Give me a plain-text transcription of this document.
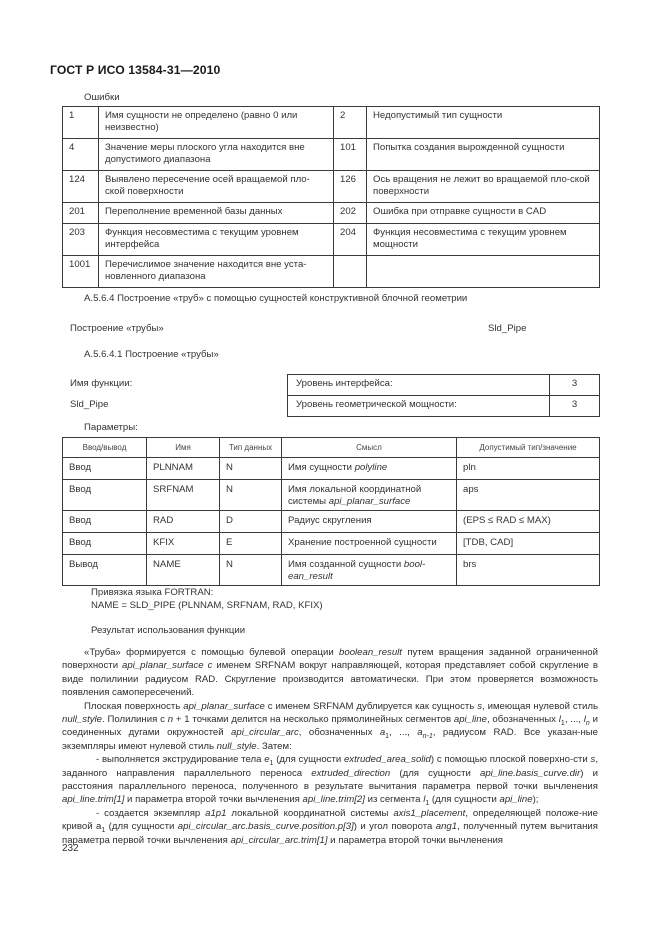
ГОСТ Р ИСО 13584-31—2010
Ошибки
1	Имя сущности не определено (равно 0 или неизвестно)	2	Недопустимый тип сущности
4	Значение меры плоского угла находится вне допустимого диапазона	101	Попытка создания вырожденной сущности
124	Выявлено пересечение осей вращаемой пло-ской поверхности	126	Ось вращения не лежит во вращаемой пло-ской поверхности
201	Переполнение временной базы данных	202	Ошибка при отправке сущности в CAD
203	Функция несовместима с текущим уровнем интерфейса	204	Функция несовместима с текущим уровнем мощности
1001	Перечислимое значение находится вне уста-новленного диапазона		
А.5.6.4 Построение «труб» с помощью сущностей конструктивной блочной геометрии
Построение «трубы»	Sld_Pipe
А.5.6.4.1 Построение «трубы»
Имя функции:
Sld_Pipe
Уровень интерфейса:	3
Уровень геометрической мощности:	3
Параметры:
Ввод/вывод	Имя	Тип данных	Смысл	Допустимый тип/значение
Ввод	PLNNAM	N	Имя сущности polyline	pln
Ввод	SRFNAM	N	Имя локальной координатной системы api_planar_surface	aps
Ввод	RAD	D	Радиус скругления	(EPS ≤ RAD ≤ MAX)
Ввод	KFIX	E	Хранение построенной сущности	[TDB, CAD]
Вывод	NAME	N	Имя созданной сущности bool-ean_result	brs
Привязка языка FORTRAN:
NAME = SLD_PIPE (PLNNAM, SRFNAM, RAD, KFIX)
Результат использования функции

«Труба» формируется с помощью булевой операции boolean_result путем вращения заданной ограниченной поверхности api_planar_surface с именем SRFNAM вокруг направляющей, которая представляет собой скругление в виде полилинии радиусом RAD. Скругление производится автоматически. При этом проверяется возможность появления самопересечений.

Плоская поверхность api_planar_surface с именем SRFNAM дублируется как сущность s, имеющая нулевой стиль null_style. Полилиния с n + 1 точками делится на несколько прямолинейных сегментов api_line, обозначенных $l_1$, ..., $l_n$ и соединенных дугами окружностей api_circular_arc, обозначенных $a_1$, ..., $a_{n-1}$, радиусом RAD. Все указан-ные экземпляры имеют нулевой стиль null_style. Затем:

- выполняется экструдирование тела $e_1$ (для сущности extruded_area_solid) с помощью плоской поверхно-сти s, заданного направления параллельного переноса extruded_direction (для сущности api_line.basis_curve.dir) и расстояния параллельного переноса, полученного в результате вычитания параметра первой точки вычленения api_line.trim[1] и параметра второй точки вычленения api_line.trim[2] из сегмента $l_1$ (для сущности api_line);

- создается экземпляр a1p1 локальной координатной системы axis1_placement, определяющей положе-ние кривой $a_1$ (для сущности api_circular_arc.basis_curve.position.p[3]) и угол поворота ang1, полученный путем вычитания параметра первой точки вычленения api_circular_arc.trim[1] и параметра второй точки вычленения

232
